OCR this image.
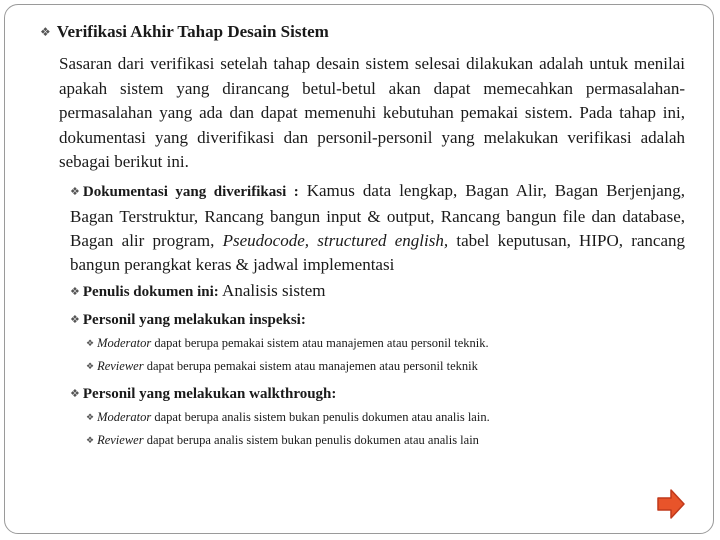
❖ Verifikasi Akhir Tahap Desain Sistem

Sasaran dari verifikasi setelah tahap desain sistem selesai dilakukan adalah untuk menilai apakah sistem yang dirancang betul-betul akan dapat memecahkan permasalahan-permasalahan yang ada dan dapat memenuhi kebutuhan pemakai sistem. Pada tahap ini, dokumentasi yang diverifikasi dan personil-personil yang melakukan verifikasi adalah sebagai berikut ini.

❖ Dokumentasi yang diverifikasi : Kamus data lengkap, Bagan Alir, Bagan Berjenjang, Bagan Terstruktur, Rancang bangun input & output, Rancang bangun file dan database, Bagan alir program, Pseudocode, structured english, tabel keputusan, HIPO, rancang bangun perangkat keras & jadwal implementasi
❖ Penulis dokumen ini: Analisis sistem
❖ Personil yang melakukan inspeksi:
❖ Moderator dapat berupa pemakai sistem atau manajemen atau personil teknik.
❖ Reviewer dapat berupa pemakai sistem atau manajemen atau personil teknik
❖ Personil yang melakukan walkthrough:
❖ Moderator dapat berupa analis sistem bukan penulis dokumen atau analis lain.
❖ Reviewer dapat berupa analis sistem bukan penulis dokumen atau analis lain
